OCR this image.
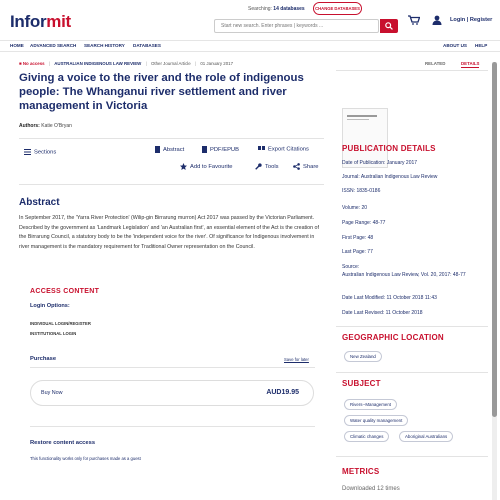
Informit
Searching: 14 databases	CHANGE DATABASES
Start new search. Enter phrases | keywords ...
Login | Register
HOME ADVANCED SEARCH SEARCH HISTORY DATABASES	ABOUT US HELP
■ No access | AUSTRALIAN INDIGENOUS LAW REVIEW | Other Journal Article | 01 January 2017
Giving a voice to the river and the role of indigenous people: The Whanganui river settlement and river management in Victoria
Authors: Katie O'Bryan
Sections	Abstract	PDF/EPUB	Export Citations
Add to Favourite	Tools	Share
Abstract

In September 2017, the 'Yarra River Protection' (Wilip-gin Birrarung murron) Act 2017 was passed by the Victorian Parliament. Described by the government as 'Landmark Legislation' and 'an Australian first', an essential element of the Act is the creation of the Birrarung Council, a statutory body to be the 'independent voice for the river'. Of significance for Indigenous involvement in river management is the mandatory requirement for Traditional Owner representation on the Council.

ACCESS CONTENT
Login Options:
INDIVIDUAL LOGIN/REGISTER
INSTITUTIONAL LOGIN
Purchase	Save for later
Buy Now	AUD19.95
Restore content access
This functionality works only for purchases made as a guest
RELATED	DETAILS
PUBLICATION DETAILS
Date of Publication: January 2017
Journal: Australian Indigenous Law Review
ISSN: 1835-0186
Volume: 20
Page Range: 48-77
First Page: 48
Last Page: 77
Source:
Australian Indigenous Law Review, Vol. 20, 2017: 48-77
Date Last Modified: 11 October 2018 11:43
Date Last Revised: 11 October 2018
GEOGRAPHIC LOCATION
New Zealand
SUBJECT
Rivers--Management
Water quality management
Climatic changes	Aboriginal Australians
METRICS
Downloaded 12 times
